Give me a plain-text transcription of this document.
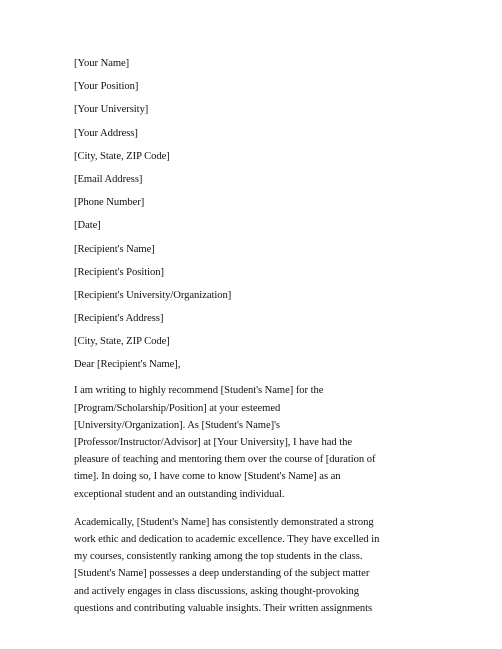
[Your Name]
[Your Position]
[Your University]
[Your Address]
[City, State, ZIP Code]
[Email Address]
[Phone Number]
[Date]
[Recipient's Name]
[Recipient's Position]
[Recipient's University/Organization]
[Recipient's Address]
[City, State, ZIP Code]
Dear [Recipient's Name],
I am writing to highly recommend [Student's Name] for the
[Program/Scholarship/Position] at your esteemed
[University/Organization]. As [Student's Name]'s
[Professor/Instructor/Advisor] at [Your University], I have had the
pleasure of teaching and mentoring them over the course of [duration of
time]. In doing so, I have come to know [Student's Name] as an
exceptional student and an outstanding individual.
Academically, [Student's Name] has consistently demonstrated a strong
work ethic and dedication to academic excellence. They have excelled in
my courses, consistently ranking among the top students in the class.
[Student's Name] possesses a deep understanding of the subject matter
and actively engages in class discussions, asking thought-provoking
questions and contributing valuable insights. Their written assignments
